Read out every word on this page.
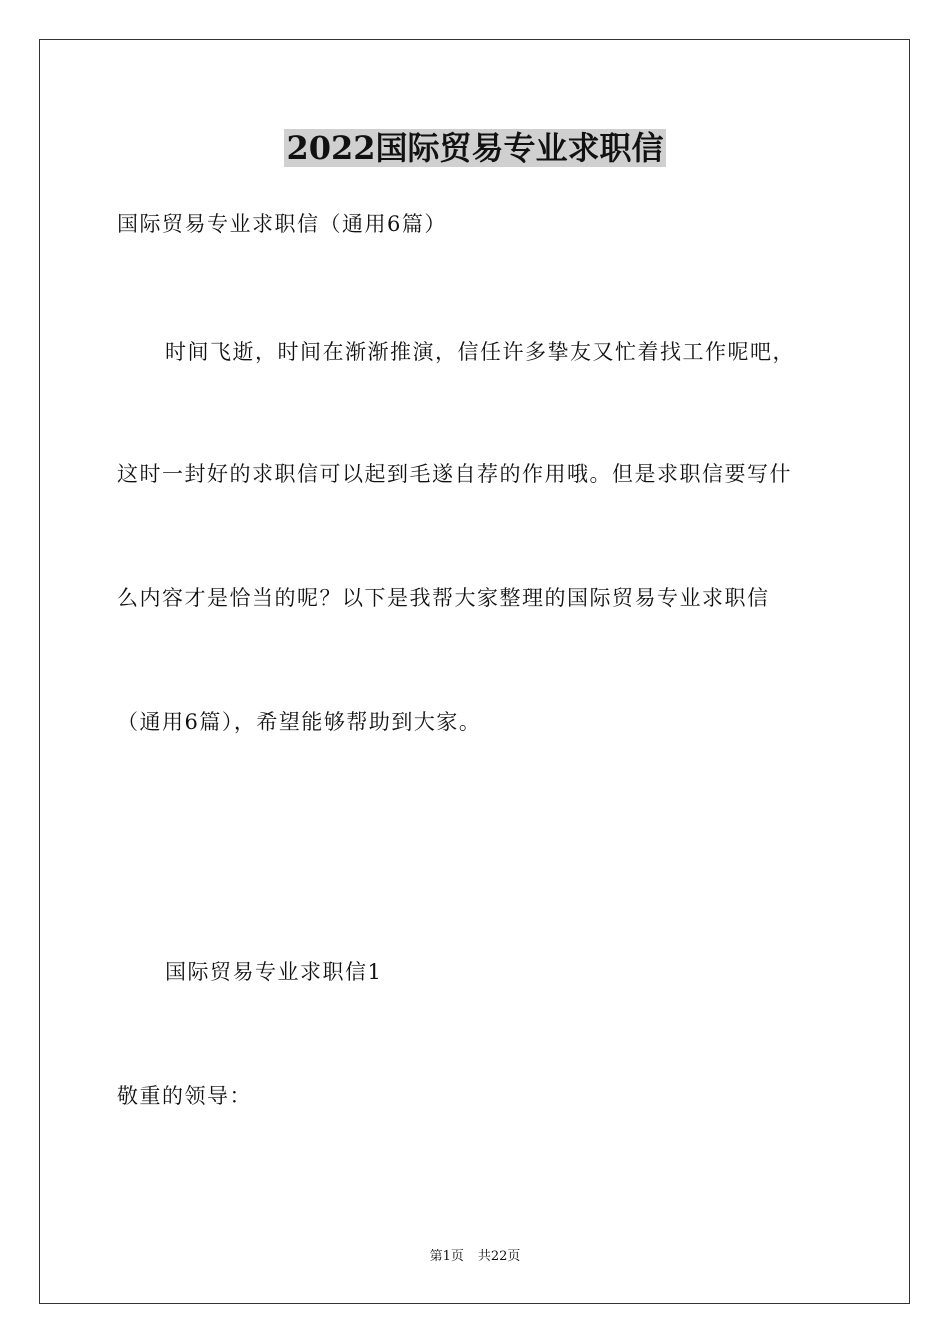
2022国际贸易专业求职信
国际贸易专业求职信（通用6篇）
时间飞逝，时间在渐渐推演，信任许多挚友又忙着找工作呢吧，
这时一封好的求职信可以起到毛遂自荐的作用哦。但是求职信要写什
么内容才是恰当的呢？以下是我帮大家整理的国际贸易专业求职信
（通用6篇），希望能够帮助到大家。
国际贸易专业求职信1
敬重的领导：
第1页 共22页
